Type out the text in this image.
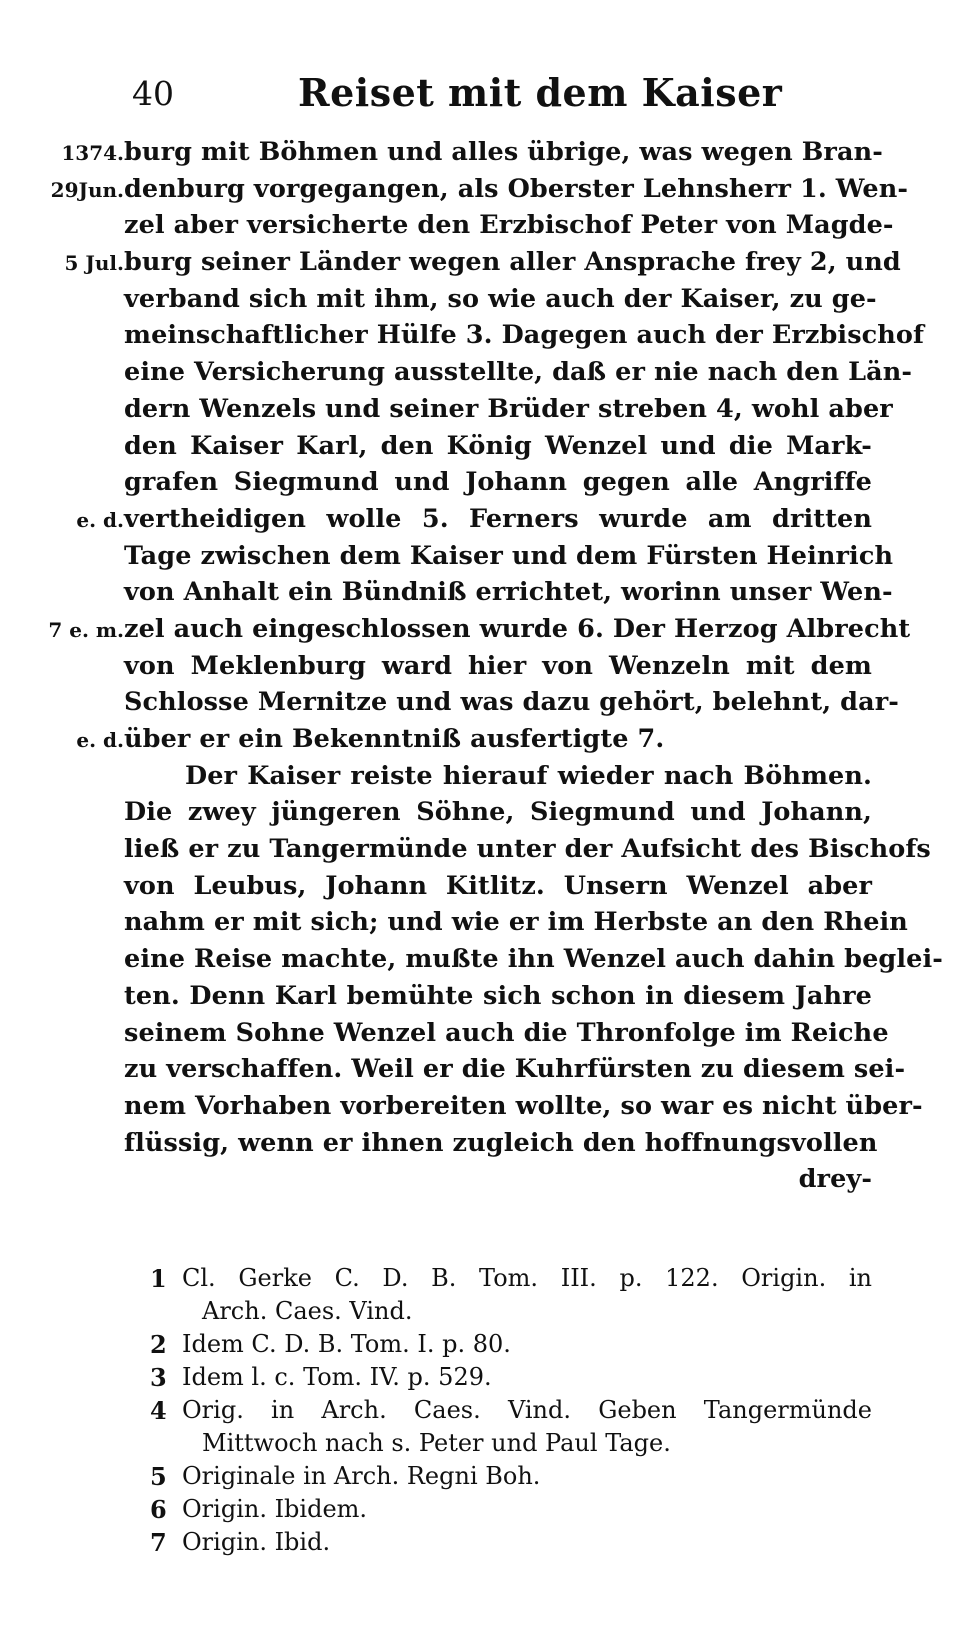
40	Reiset mit dem Kaiser
1374. burg mit Böhmen und alles übrige, was wegen Bran-
29Jun. denburg vorgegangen, als Oberster Lehnsherr 1. Wen-
zel aber versicherte den Erzbischof Peter von Magde-
5 Jul. burg seiner Länder wegen aller Ansprache frey 2, und
verband sich mit ihm, so wie auch der Kaiser, zu ge-
meinschaftlicher Hülfe 3. Dagegen auch der Erzbischof
eine Versicherung ausstellte, daß er nie nach den Län-
dern Wenzels und seiner Brüder streben 4, wohl aber
den Kaiser Karl, den König Wenzel und die Mark-
grafen Siegmund und Johann gegen alle Angriffe
e. d. vertheidigen wolle 5. Ferners wurde am dritten
Tage zwischen dem Kaiser und dem Fürsten Heinrich
von Anhalt ein Bündniß errichtet, worinn unser Wen-
7 e. m. zel auch eingeschlossen wurde 6. Der Herzog Albrecht
von Meklenburg ward hier von Wenzeln mit dem
Schlosse Mernitze und was dazu gehört, belehnt, dar-
e. d. über er ein Bekenntniß ausfertigte 7.
Der Kaiser reiste hierauf wieder nach Böhmen.
Die zwey jüngeren Söhne, Siegmund und Johann,
ließ er zu Tangermünde unter der Aufsicht des Bischofs
von Leubus, Johann Kitlitz. Unsern Wenzel aber
nahm er mit sich; und wie er im Herbste an den Rhein
eine Reise machte, mußte ihn Wenzel auch dahin beglei-
ten. Denn Karl bemühte sich schon in diesem Jahre
seinem Sohne Wenzel auch die Thronfolge im Reiche
zu verschaffen. Weil er die Kuhrfürsten zu diesem sei-
nem Vorhaben vorbereiten wollte, so war es nicht über-
flüssig, wenn er ihnen zugleich den hoffnungsvollen
drey-
1 Cl. Gerke C. D. B. Tom. III. p. 122. Origin. in
Arch. Caes. Vind.
2 Idem C. D. B. Tom. I. p. 80.
3 Idem l. c. Tom. IV. p. 529.
4 Orig. in Arch. Caes. Vind. Geben Tangermünde
Mittwoch nach s. Peter und Paul Tage.
5 Originale in Arch. Regni Boh.
6 Origin. Ibidem.
7 Origin. Ibid.
